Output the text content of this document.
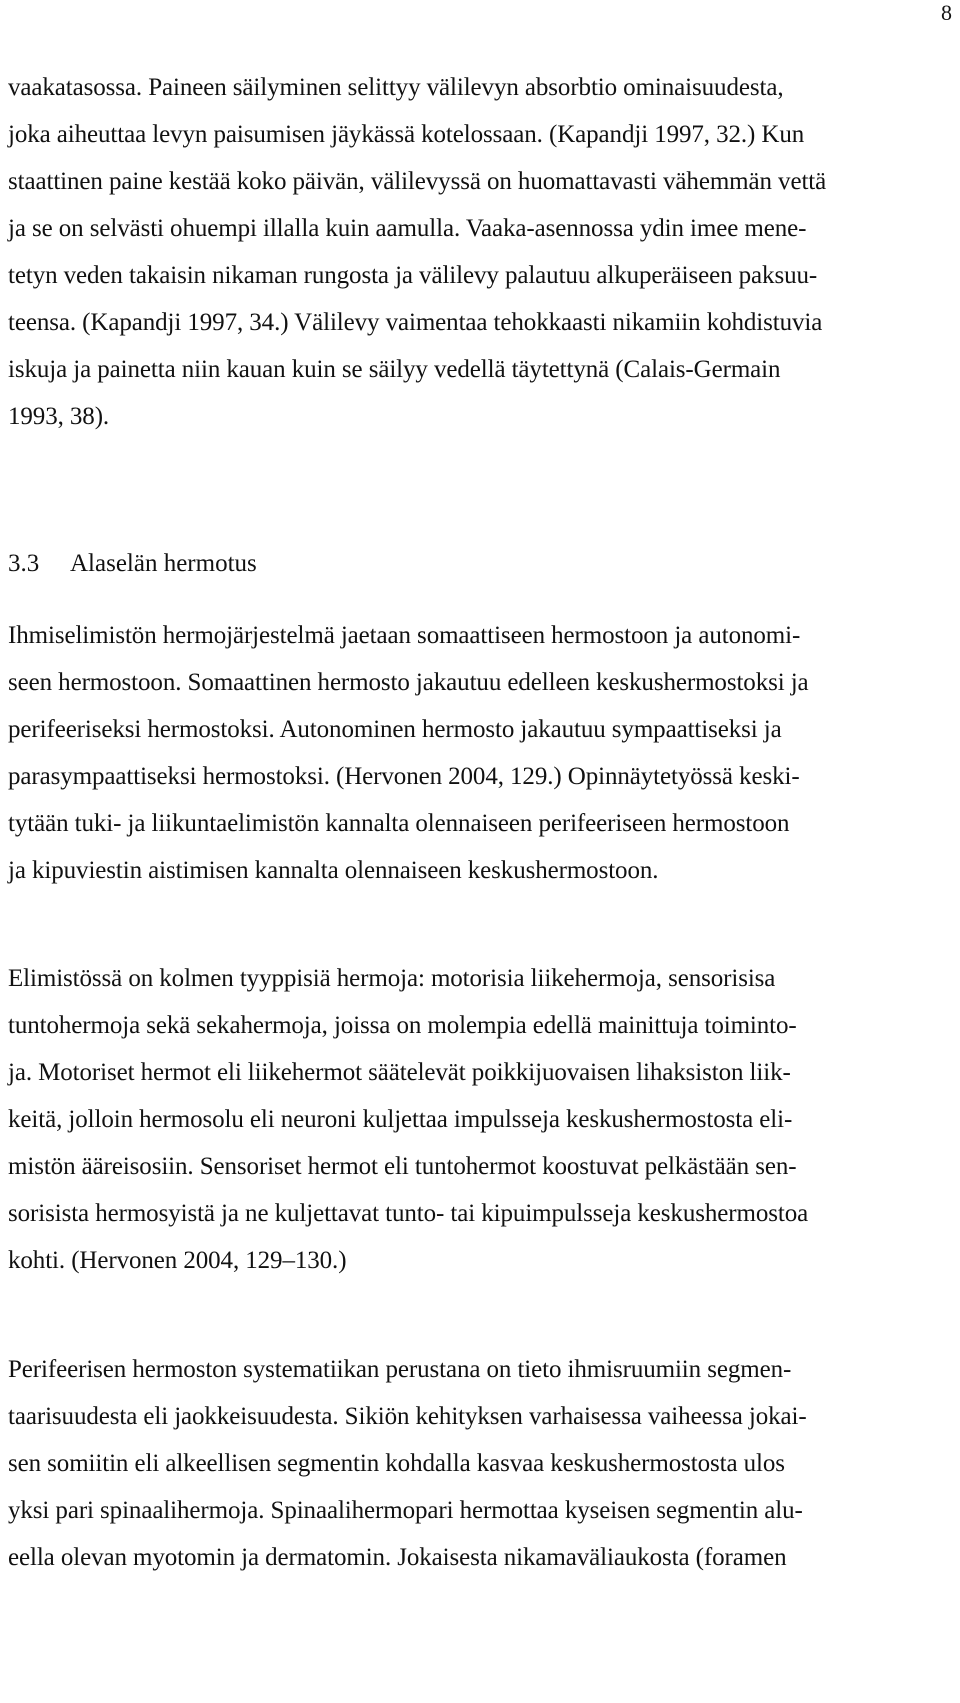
8
vaakatasossa. Paineen säilyminen selittyy välilevyn absorbtio ominaisuudesta,
joka aiheuttaa levyn paisumisen jäykässä kotelossaan. (Kapandji 1997, 32.) Kun
staattinen paine kestää koko päivän, välilevyssä on huomattavasti vähemmän vettä
ja se on selvästi ohuempi illalla kuin aamulla. Vaaka-asennossa ydin imee mene-
tetyn veden takaisin nikaman rungosta ja välilevy palautuu alkuperäiseen paksuu-
teensa. (Kapandji 1997, 34.) Välilevy vaimentaa tehokkaasti nikamiin kohdistuvia
iskuja ja painetta niin kauan kuin se säilyy vedellä täytettynä (Calais-Germain
1993, 38).
3.3 Alaselän hermotus
Ihmiselimistön hermojärjestelmä jaetaan somaattiseen hermostoon ja autonomi-
seen hermostoon. Somaattinen hermosto jakautuu edelleen keskushermostoksi ja
perifeeriseksi hermostoksi. Autonominen hermosto jakautuu sympaattiseksi ja
parasympaattiseksi hermostoksi. (Hervonen 2004, 129.) Opinnäytetyössä keski-
tytään tuki- ja liikuntaelimistön kannalta olennaiseen perifeeriseen hermostoon
ja kipuviestin aistimisen kannalta olennaiseen keskushermostoon.
Elimistössä on kolmen tyyppisiä hermoja: motorisia liikehermoja, sensorisisa
tuntohermoja sekä sekahermoja, joissa on molempia edellä mainittuja toiminto-
ja. Motoriset hermot eli liikehermot säätelevät poikkijuovaisen lihaksiston liik-
keitä, jolloin hermosolu eli neuroni kuljettaa impulsseja keskushermostosta eli-
mistön ääreisosiin. Sensoriset hermot eli tuntohermot koostuvat pelkästään sen-
sorisista hermosyistä ja ne kuljettavat tunto- tai kipuimpulsseja keskushermostoa
kohti. (Hervonen 2004, 129–130.)
Perifeerisen hermoston systematiikan perustana on tieto ihmisruumiin segmen-
taarisuudesta eli jaokkeisuudesta. Sikiön kehityksen varhaisessa vaiheessa jokai-
sen somiitin eli alkeellisen segmentin kohdalla kasvaa keskushermostosta ulos
yksi pari spinaalihermoja. Spinaalihermopari hermottaa kyseisen segmentin alu-
eella olevan myotomin ja dermatomin. Jokaisesta nikamaväliaukosta (foramen
